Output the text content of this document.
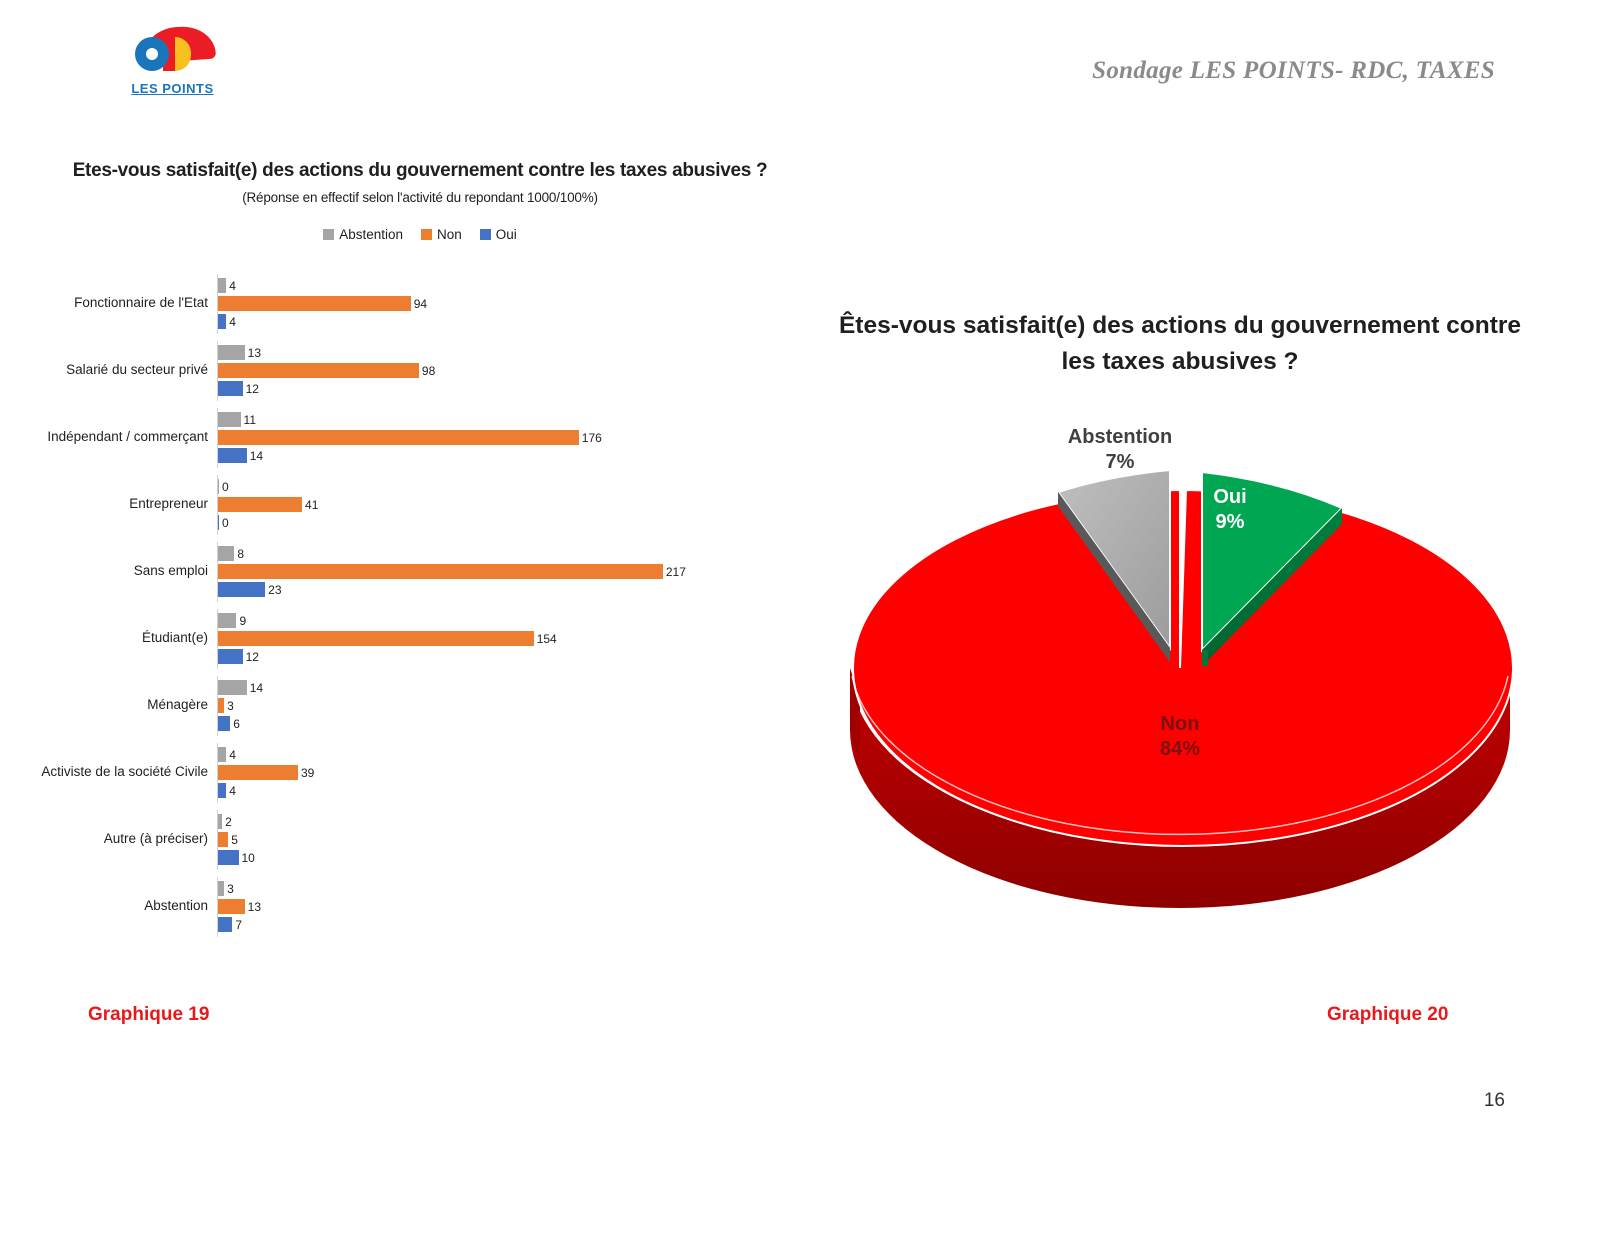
LES POINTS
Sondage LES POINTS- RDC, TAXES
Etes-vous satisfait(e) des actions du gouvernement contre les taxes abusives ?
(Réponse en effectif selon l'activité du repondant 1000/100%)
Abstention	Non	Oui
Fonctionnaire de l'Etat
4
94
4
Salarié du secteur privé
13
98
12
Indépendant / commerçant
11
176
14
Entrepreneur
0
41
0
Sans emploi
8
217
23
Étudiant(e)
9
154
12
Ménagère
14
3
6
Activiste de la société Civile
4
39
4
Autre (à préciser)
2
5
10
Abstention
3
13
7
Graphique 19
Êtes-vous satisfait(e) des actions du gouvernement contre les taxes abusives ?
Abstention
7%
Oui
9%
Non
84%
Graphique 20
16
